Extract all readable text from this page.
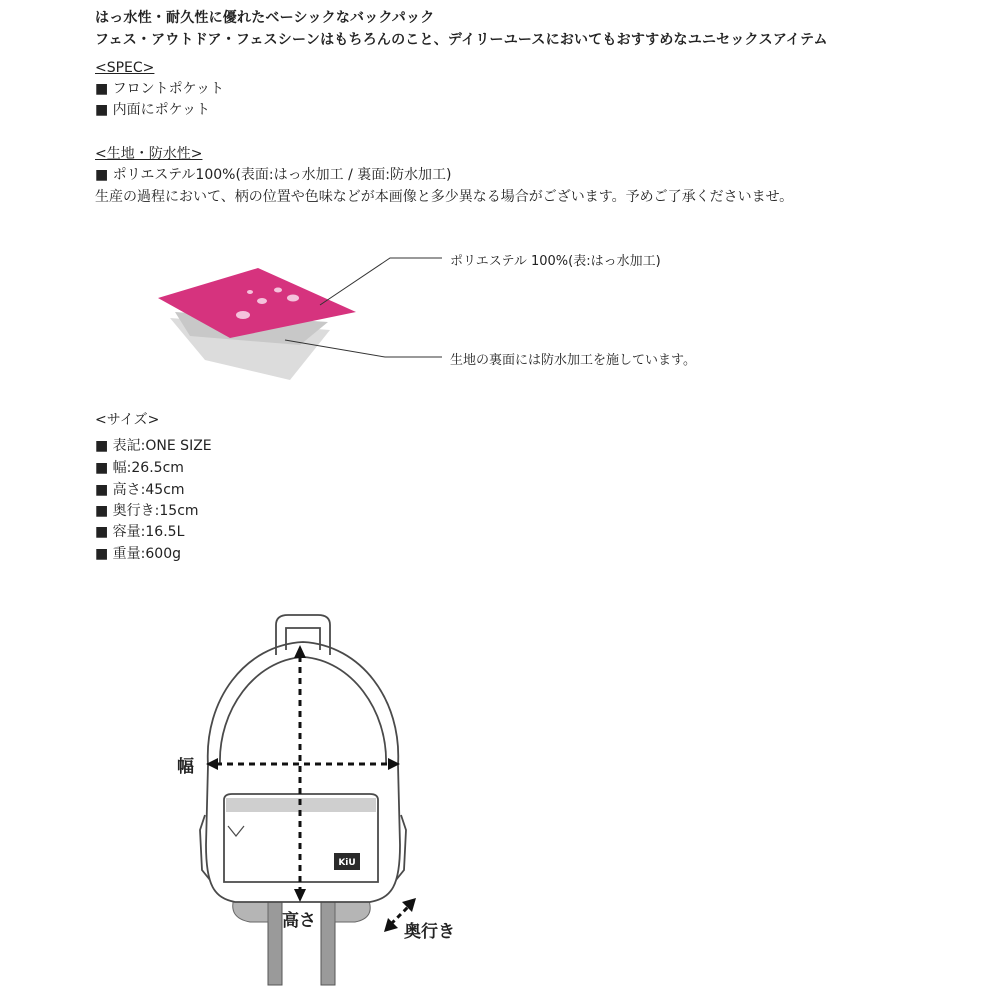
はっ水性・耐久性に優れたベーシックなバックパック
フェス・アウトドア・フェスシーンはもちろんのこと、デイリーユースにおいてもおすすめなユニセックスアイテム
<SPEC>
■ フロントポケット
■ 内面にポケット
<生地・防水性>
■ ポリエステル100%(表面:はっ水加工 / 裏面:防水加工)
生産の過程において、柄の位置や色味などが本画像と多少異なる場合がございます。予めご了承くださいませ。
ポリエステル 100%(表:はっ水加工)
生地の裏面には防水加工を施しています。
<サイズ>
■ 表記:ONE SIZE
■ 幅:26.5cm
■ 高さ:45cm
■ 奥行き:15cm
■ 容量:16.5L
■ 重量:600g
KiU
幅
高さ
奥行き
